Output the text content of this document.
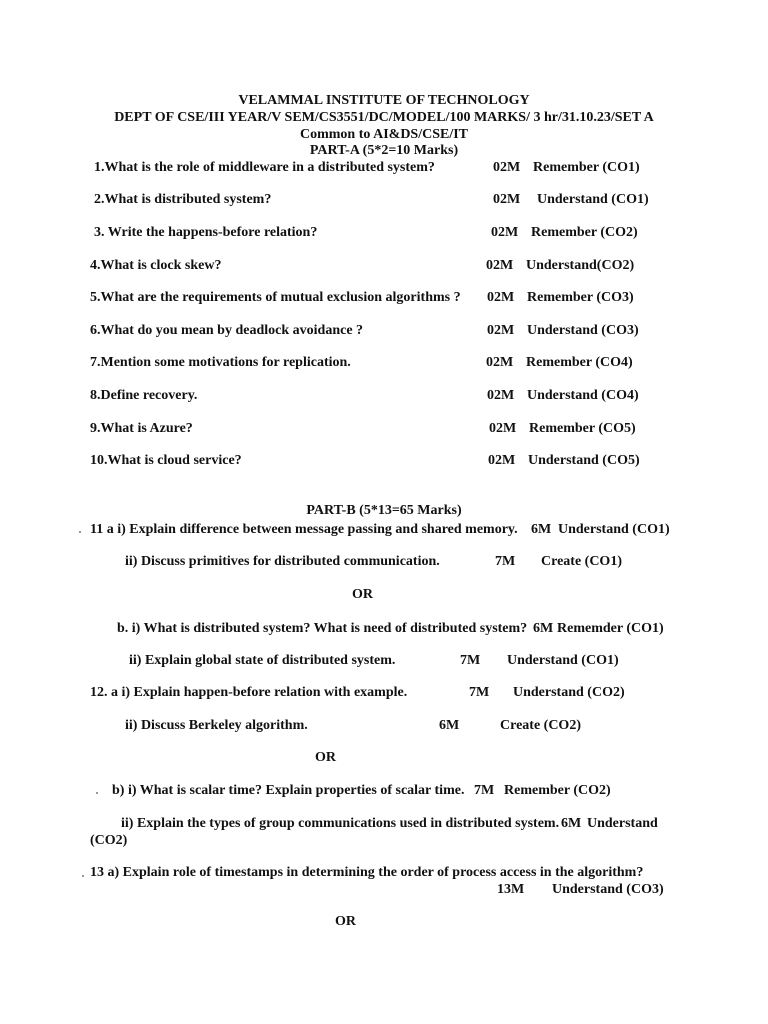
VELAMMAL INSTITUTE OF TECHNOLOGY
DEPT OF CSE/III YEAR/V SEM/CS3551/DC/MODEL/100 MARKS/ 3 hr/31.10.23/SET A
Common to AI&DS/CSE/IT
PART-A (5*2=10 Marks)
1.What is the role of middleware in a distributed system?	02M Remember (CO1)
2.What is distributed system?	02M Understand (CO1)
3. Write the happens-before relation?	02M Remember (CO2)
4.What is clock skew?	02M Understand(CO2)
5.What are the requirements of mutual exclusion algorithms ? 02M Remember (CO3)
6.What do you mean by deadlock avoidance ?	02M Understand (CO3)
7.Mention some motivations for replication.	02M Remember (CO4)
8.Define recovery.	02M Understand (CO4)
9.What is Azure?	02M Remember (CO5)
10.What is cloud service?	02M Understand (CO5)
PART-B (5*13=65 Marks)
11 a i) Explain difference between message passing and shared memory. 6M Understand (CO1)
ii) Discuss primitives for distributed communication.	7M Create (CO1)
OR
b. i) What is distributed system? What is need of distributed system? 6M Rememder (CO1)
ii) Explain global state of distributed system.	7M Understand (CO1)
12. a i) Explain happen-before relation with example.	7M Understand (CO2)
ii) Discuss Berkeley algorithm.	6M	Create (CO2)
OR
b) i) What is scalar time? Explain properties of scalar time. 7M Remember (CO2)
ii) Explain the types of group communications used in distributed system. 6M Understand
(CO2)
13 a) Explain role of timestamps in determining the order of process access in the algorithm?
13M Understand (CO3)
OR
